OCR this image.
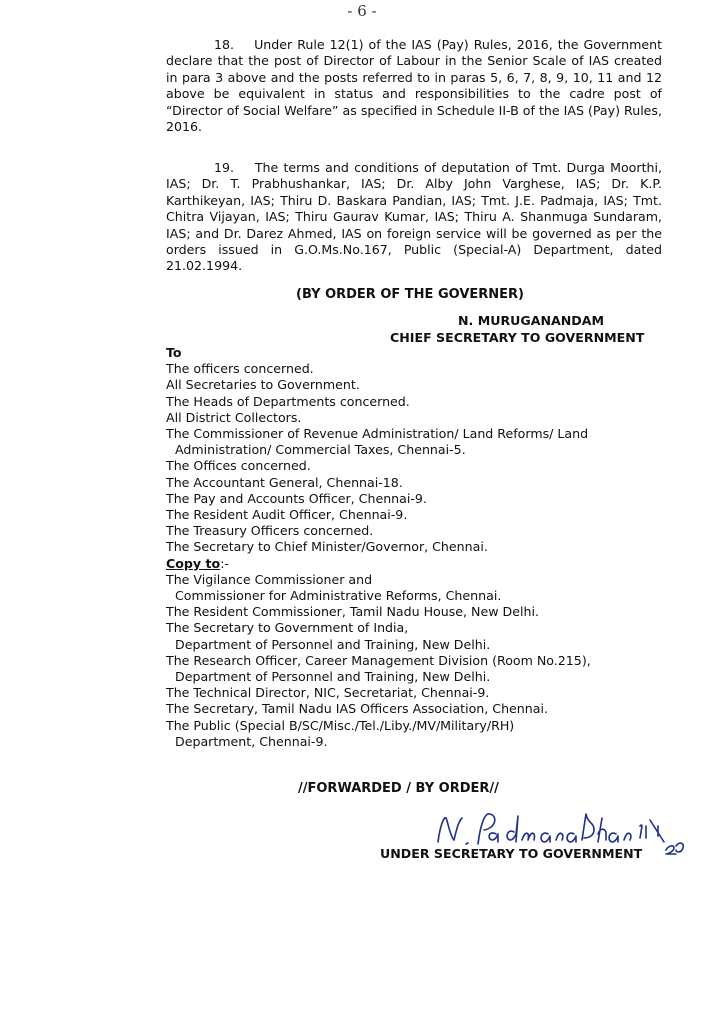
- 6 -

18. Under Rule 12(1) of the IAS (Pay) Rules, 2016, the Government declare that the post of Director of Labour in the Senior Scale of IAS created in para 3 above and the posts referred to in paras 5, 6, 7, 8, 9, 10, 11 and 12 above be equivalent in status and responsibilities to the cadre post of “Director of Social Welfare” as specified in Schedule II-B of the IAS (Pay) Rules, 2016.

19. The terms and conditions of deputation of Tmt. Durga Moorthi, IAS; Dr. T. Prabhushankar, IAS; Dr. Alby John Varghese, IAS; Dr. K.P. Karthikeyan, IAS; Thiru D. Baskara Pandian, IAS; Tmt. J.E. Padmaja, IAS; Tmt. Chitra Vijayan, IAS; Thiru Gaurav Kumar, IAS; Thiru A. Shanmuga Sundaram, IAS; and Dr. Darez Ahmed, IAS on foreign service will be governed as per the orders issued in G.O.Ms.No.167, Public (Special-A) Department, dated 21.02.1994.

(BY ORDER OF THE GOVERNER)
N. MURUGANANDAM
CHIEF SECRETARY TO GOVERNMENT
To
The officers concerned.
All Secretaries to Government.
The Heads of Departments concerned.
All District Collectors.
The Commissioner of Revenue Administration/ Land Reforms/ Land
Administration/ Commercial Taxes, Chennai-5.
The Offices concerned.
The Accountant General, Chennai-18.
The Pay and Accounts Officer, Chennai-9.
The Resident Audit Officer, Chennai-9.
The Treasury Officers concerned.
The Secretary to Chief Minister/Governor, Chennai.
Copy to:-
The Vigilance Commissioner and
Commissioner for Administrative Reforms, Chennai.
The Resident Commissioner, Tamil Nadu House, New Delhi.
The Secretary to Government of India,
Department of Personnel and Training, New Delhi.
The Research Officer, Career Management Division (Room No.215),
Department of Personnel and Training, New Delhi.
The Technical Director, NIC, Secretariat, Chennai-9.
The Secretary, Tamil Nadu IAS Officers Association, Chennai.
The Public (Special B/SC/Misc./Tel./Liby./MV/Military/RH)
Department, Chennai-9.
//FORWARDED / BY ORDER//
UNDER SECRETARY TO GOVERNMENT
